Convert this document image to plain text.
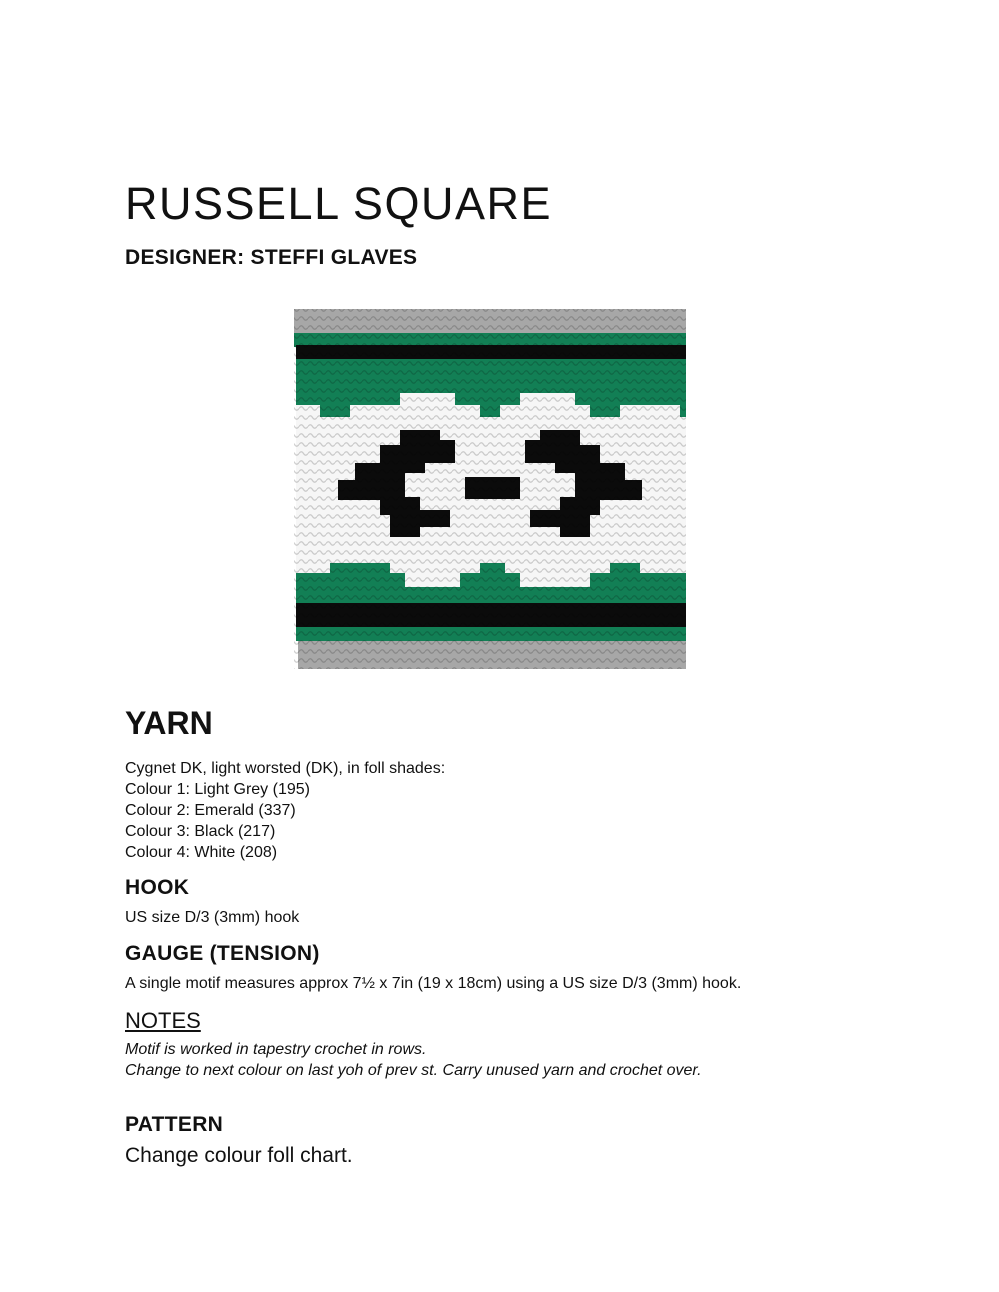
RUSSELL SQUARE
DESIGNER: STEFFI GLAVES
YARN
Cygnet DK, light worsted (DK), in foll shades:
Colour 1: Light Grey (195)
Colour 2: Emerald (337)
Colour 3: Black (217)
Colour 4: White (208)
HOOK
US size D/3 (3mm) hook
GAUGE (TENSION)
A single motif measures approx 7½ x 7in (19 x 18cm) using a US size D/3 (3mm) hook.
NOTES
Motif is worked in tapestry crochet in rows.
Change to next colour on last yoh of prev st. Carry unused yarn and crochet over.
PATTERN
Change colour foll chart.
